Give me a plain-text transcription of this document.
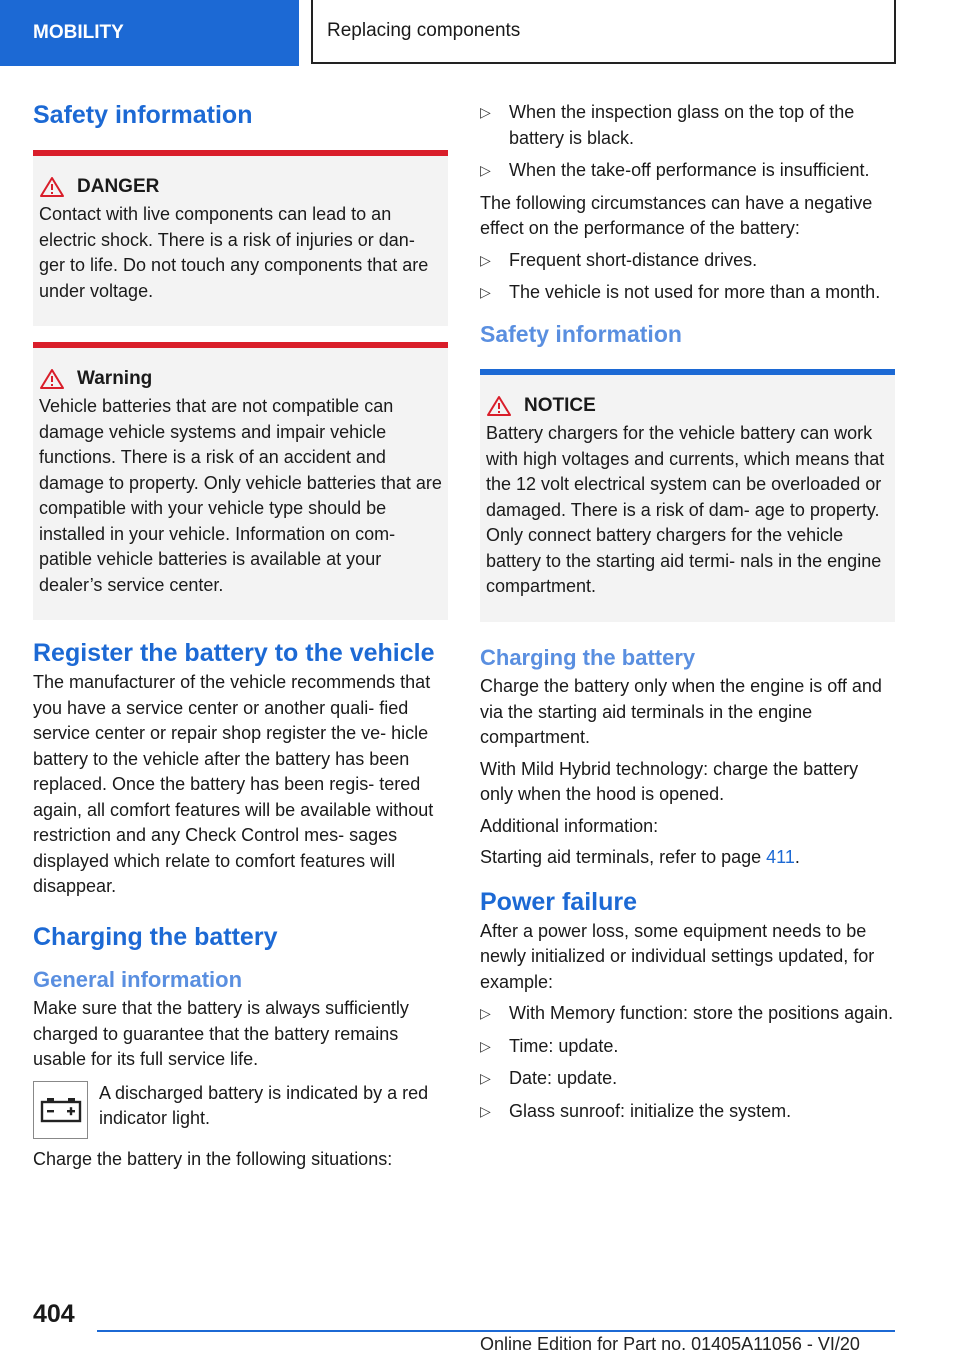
MOBILITY	Replacing components
Safety information
DANGER

Contact with live components can lead to an electric shock. There is a risk of injuries or dan‐ ger to life. Do not touch any components that are under voltage.

Warning

Vehicle batteries that are not compatible can damage vehicle systems and impair vehicle functions. There is a risk of an accident and damage to property. Only vehicle batteries that are compatible with your vehicle type should be installed in your vehicle. Information on com‐ patible vehicle batteries is available at your dealer’s service center.

Register the battery to the vehicle

The manufacturer of the vehicle recommends that you have a service center or another quali‐ fied service center or repair shop register the ve‐ hicle battery to the vehicle after the battery has been replaced. Once the battery has been regis‐ tered again, all comfort features will be available without restriction and any Check Control mes‐ sages displayed which relate to comfort features will disappear.

Charging the battery
General information

Make sure that the battery is always sufficiently charged to guarantee that the battery remains usable for its full service life.

A discharged battery is indicated by a red indicator light.

Charge the battery in the following situations:

▷ When the inspection glass on the top of the battery is black.
▷ When the take-off performance is insufficient.

The following circumstances can have a negative effect on the performance of the battery:

▷ Frequent short-distance drives.
▷ The vehicle is not used for more than a month.
Safety information
NOTICE

Battery chargers for the vehicle battery can work with high voltages and currents, which means that the 12 volt electrical system can be overloaded or damaged. There is a risk of dam‐ age to property. Only connect battery chargers for the vehicle battery to the starting aid termi‐ nals in the engine compartment.

Charging the battery

Charge the battery only when the engine is off and via the starting aid terminals in the engine compartment.

With Mild Hybrid technology: charge the battery only when the hood is opened.

Additional information:

Starting aid terminals, refer to page 411.

Power failure

After a power loss, some equipment needs to be newly initialized or individual settings updated, for example:

▷ With Memory function: store the positions again.
▷ Time: update.
▷ Date: update.
▷ Glass sunroof: initialize the system.
404
Online Edition for Part no. 01405A11056 - VI/20
